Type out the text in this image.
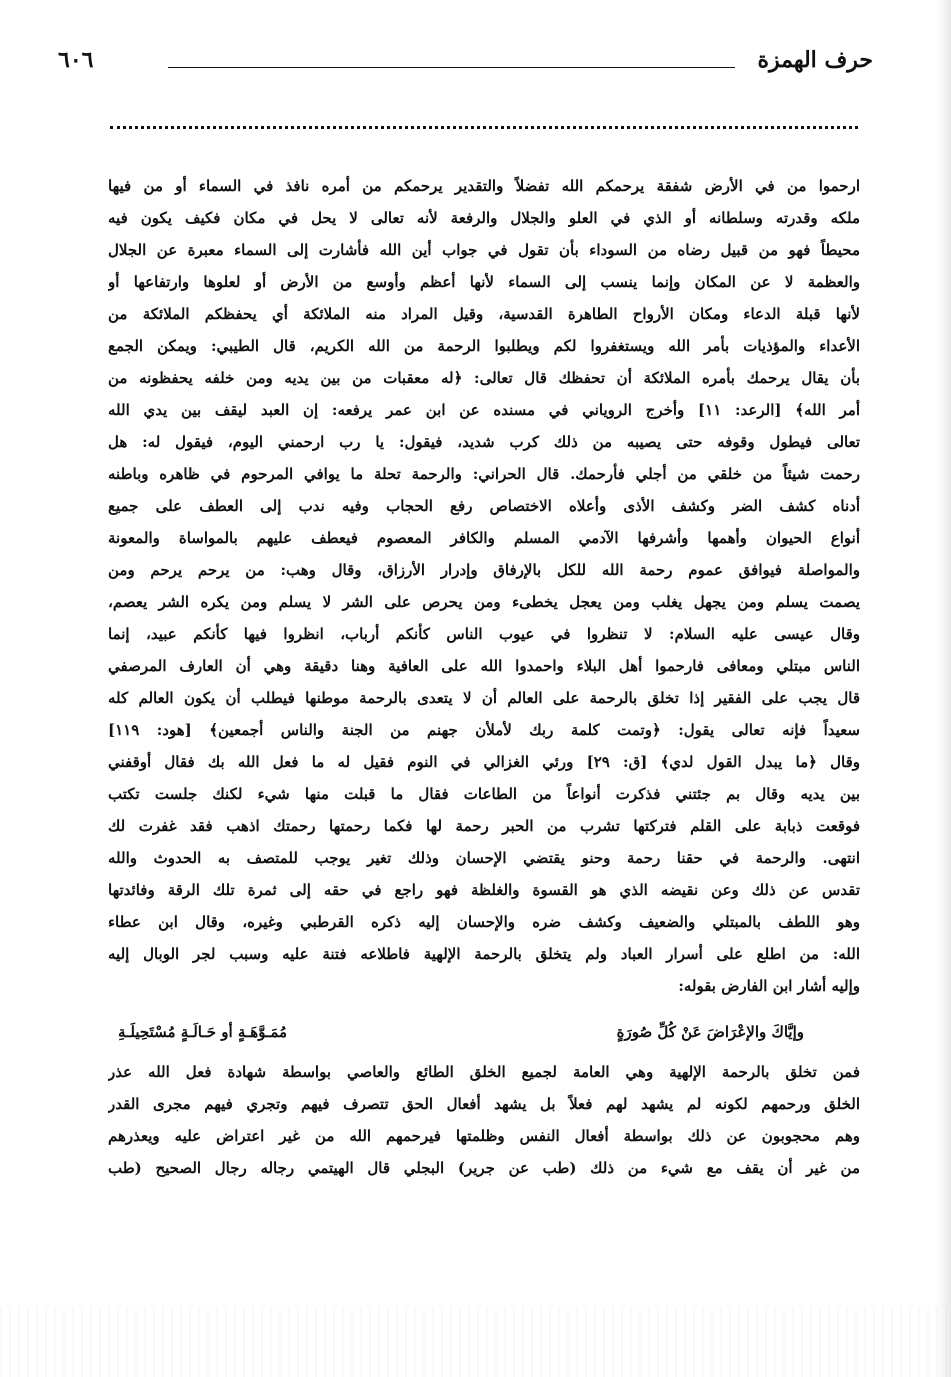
حرف الهمزة
٦٠٦
ارحموا من في الأرض شفقة يرحمكم الله تفضلاً والتقدير يرحمكم من أمره نافذ في السماء أو من فيها
ملكه وقدرته وسلطانه أو الذي في العلو والجلال والرفعة لأنه تعالى لا يحل في مكان فكيف يكون فيه
محيطاً فهو من قبيل رضاه من السوداء بأن تقول في جواب أين الله فأشارت إلى السماء معبرة عن الجلال
والعظمة لا عن المكان وإنما ينسب إلى السماء لأنها أعظم وأوسع من الأرض أو لعلوها وارتفاعها أو
لأنها قبلة الدعاء ومكان الأرواح الطاهرة القدسية، وقيل المراد منه الملائكة أي يحفظكم الملائكة من
الأعداء والمؤذيات بأمر الله ويستغفروا لكم ويطلبوا الرحمة من الله الكريم، قال الطيبي: ويمكن الجمع
بأن يقال يرحمك بأمره الملائكة أن تحفظك قال تعالى: ﴿له معقبات من بين يديه ومن خلفه يحفظونه من
أمر الله﴾ [الرعد: ١١] وأخرج الروياني في مسنده عن ابن عمر يرفعه: إن العبد ليقف بين يدي الله
تعالى فيطول وقوفه حتى يصيبه من ذلك كرب شديد، فيقول: يا رب ارحمني اليوم، فيقول له: هل
رحمت شيئاً من خلقي من أجلي فأرحمك. قال الحراني: والرحمة تحلة ما يوافي المرحوم في ظاهره وباطنه
أدناه كشف الضر وكشف الأذى وأعلاه الاختصاص رفع الحجاب وفيه ندب إلى العطف على جميع
أنواع الحيوان وأهمها وأشرفها الآدمي المسلم والكافر المعصوم فيعطف عليهم بالمواساة والمعونة
والمواصلة فيوافق عموم رحمة الله للكل بالإرفاق وإدرار الأرزاق، وقال وهب: من يرحم يرحم ومن
يصمت يسلم ومن يجهل يغلب ومن يعجل يخطىء ومن يحرص على الشر لا يسلم ومن يكره الشر يعصم،
وقال عيسى عليه السلام: لا تنظروا في عيوب الناس كأنكم أرباب، انظروا فيها كأنكم عبيد، إنما
الناس مبتلي ومعافى فارحموا أهل البلاء واحمدوا الله على العافية وهنا دقيقة وهي أن العارف المرصفي
قال يجب على الفقير إذا تخلق بالرحمة على العالم أن لا يتعدى بالرحمة موطنها فيطلب أن يكون العالم كله
سعيداً فإنه تعالى يقول: ﴿وتمت كلمة ربك لأملأن جهنم من الجنة والناس أجمعين﴾ [هود: ١١٩]
وقال ﴿ما يبدل القول لدي﴾ [ق: ٢٩] ورئي الغزالي في النوم فقيل له ما فعل الله بك فقال أوقفني
بين يديه وقال بم جئتني فذكرت أنواعاً من الطاعات فقال ما قبلت منها شيء لكنك جلست تكتب
فوقعت ذبابة على القلم فتركتها تشرب من الحبر رحمة لها فكما رحمتها رحمتك اذهب فقد غفرت لك
انتهى. والرحمة في حقنا رحمة وحنو يقتضي الإحسان وذلك تغير يوجب للمتصف به الحدوث والله
تقدس عن ذلك وعن نقيضه الذي هو القسوة والغلظة فهو راجع في حقه إلى ثمرة تلك الرقة وفائدتها
وهو اللطف بالمبتلي والضعيف وكشف ضره والإحسان إليه ذكره القرطبي وغيره، وقال ابن عطاء
الله: من اطلع على أسرار العباد ولم يتخلق بالرحمة الإلهية فاطلاعه فتنة عليه وسبب لجر الوبال إليه
وإليه أشار ابن الفارض بقوله:
وإيَّاكَ والإعْرَاضَ عَنْ كُلِّ صُورَةٍ
مُمَـوَّهَـةٍ أو حَـالَـةٍ مُسْتَحِيلَـةِ
فمن تخلق بالرحمة الإلهية وهي العامة لجميع الخلق الطائع والعاصي بواسطة شهادة فعل الله عذر
الخلق ورحمهم لكونه لم يشهد لهم فعلاً بل يشهد أفعال الحق تتصرف فيهم وتجري فيهم مجرى القدر
وهم محجوبون عن ذلك بواسطة أفعال النفس وظلمتها فيرحمهم الله من غير اعتراض عليه ويعذرهم
من غير أن يقف مع شيء من ذلك (طب عن جرير) البجلي قال الهيتمي رجاله رجال الصحيح (طب
